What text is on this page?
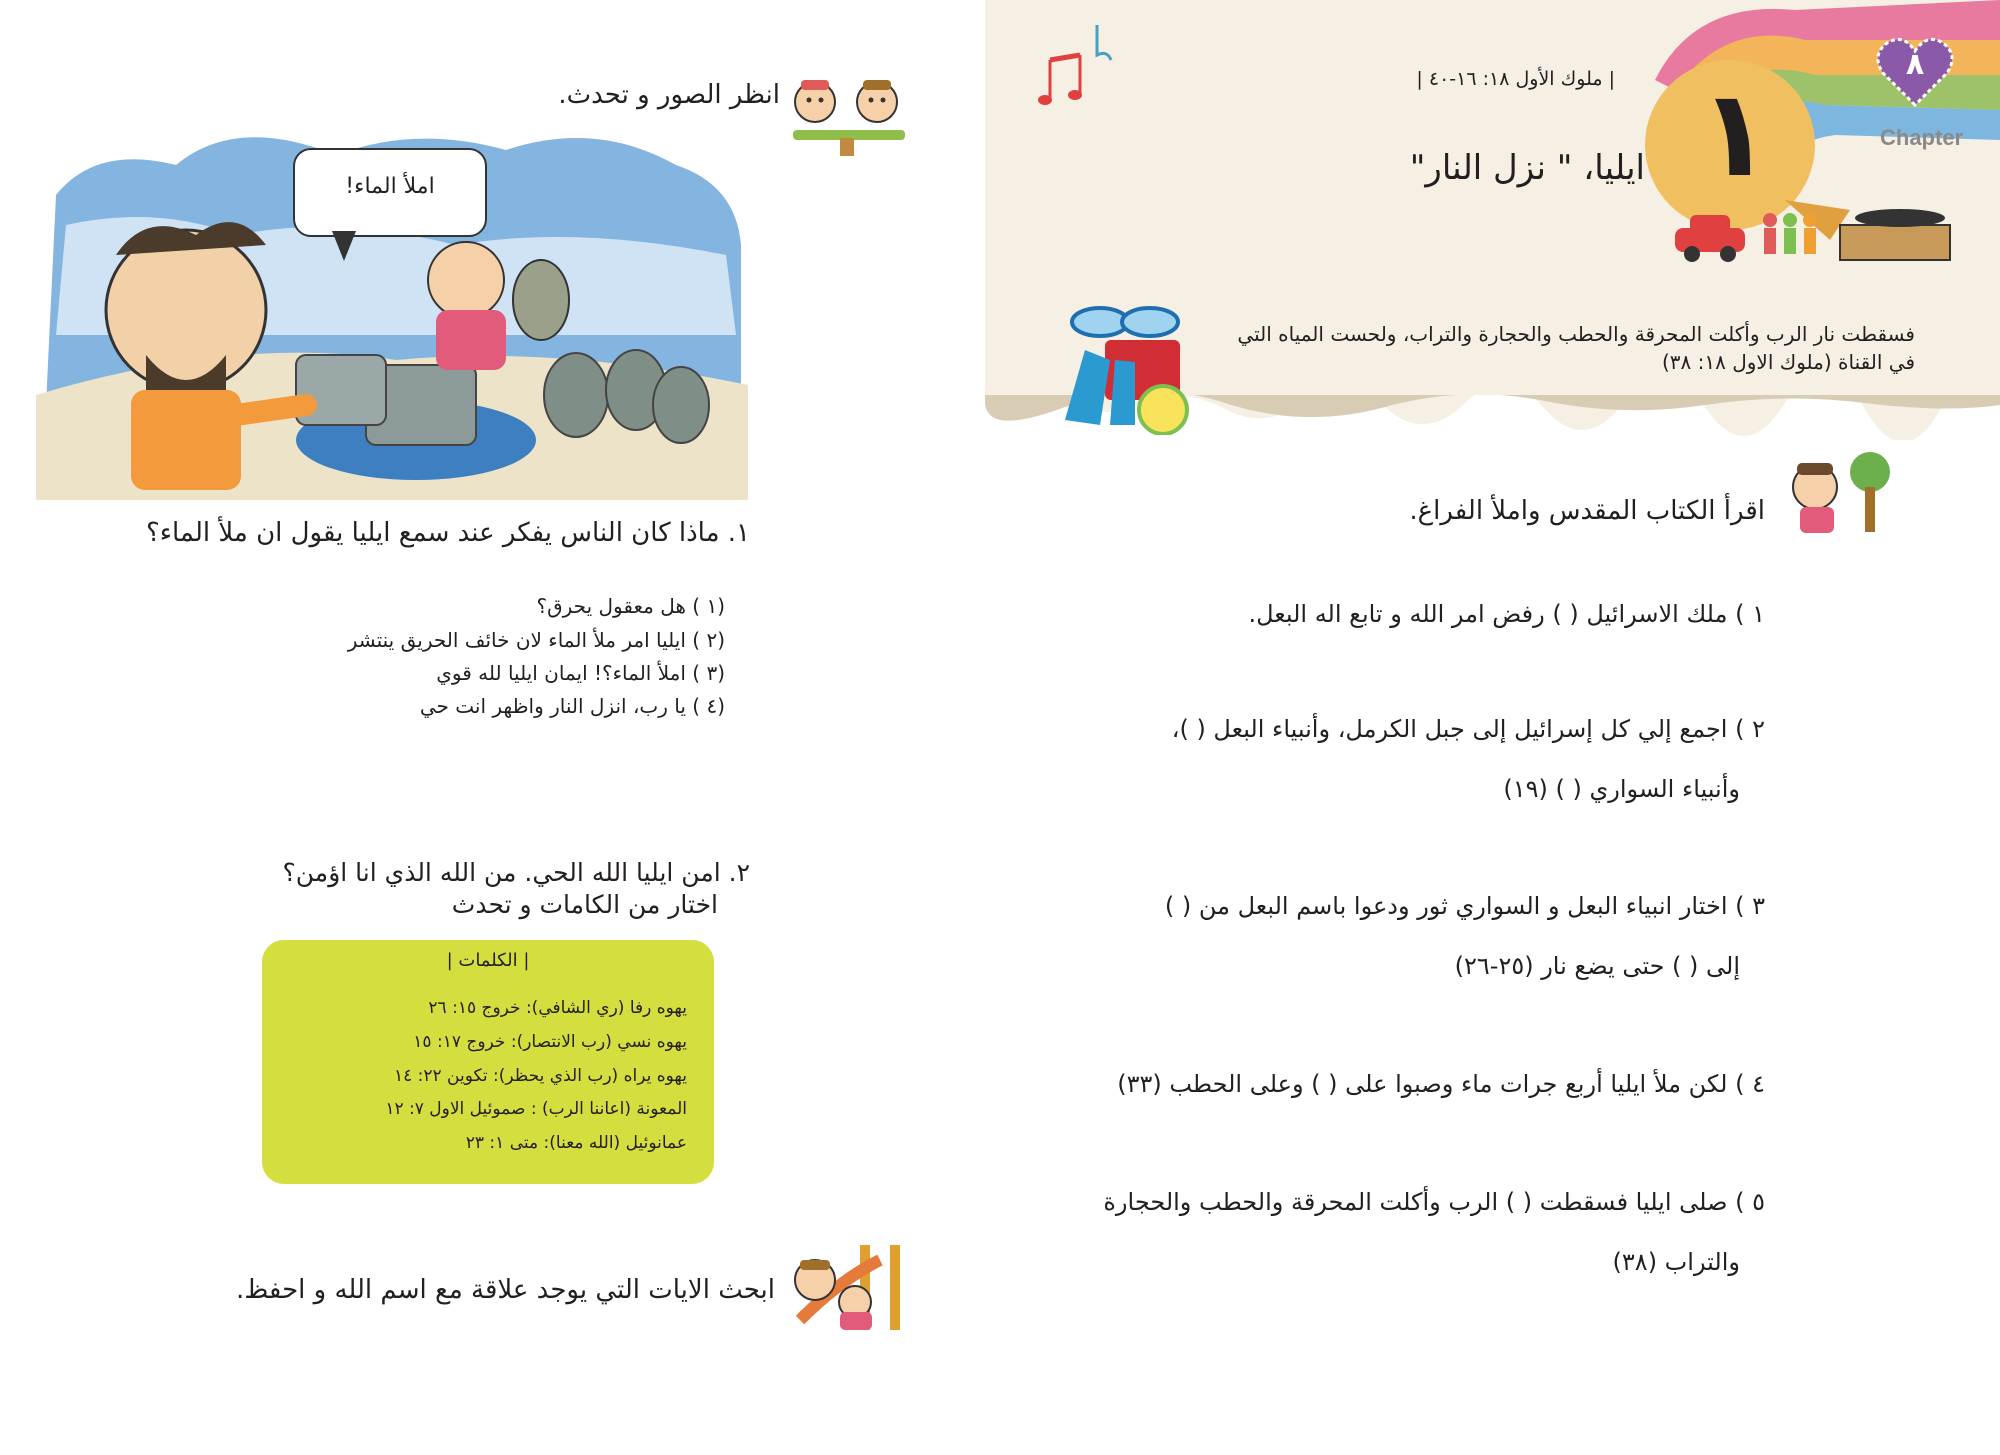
انظر الصور و تحدث.
املأ الماء!
١. ماذا كان الناس يفكر عند سمع ايليا يقول ان ملأ الماء؟
(١ ) هل معقول يحرق؟
(٢ ) ايليا امر ملأ الماء لان خائف الحريق ينتشر
(٣ ) املأ الماء؟! ايمان ايليا لله قوي
(٤ ) يا رب، انزل النار واظهر انت حي
٢. امن ايليا الله الحي. من الله الذي انا اؤمن؟
اختار من الكامات و تحدث
| الكلمات |
يهوه رفا (ري الشافي): خروج ١٥: ٢٦
يهوه نسي (رب الانتصار): خروج ١٧: ١٥
يهوه يراه (رب الذي يحظر): تكوين ٢٢: ١٤
المعونة (اعاننا الرب) : صموئيل الاول ٧: ١٢
عمانوئيل (الله معنا): متى ١: ٢٣
ابحث الايات التي يوجد علاقة مع اسم الله و احفظ.
١	Chapter
٨
| ملوك الأول ١٨: ١٦-٤٠ |
ايليا، " نزل النار"
فسقطت نار الرب وأكلت المحرقة والحطب والحجارة والتراب، ولحست المياه التي
في القناة (ملوك الاول ١٨: ٣٨)
اقرأ الكتاب المقدس واملأ الفراغ.
١ ) ملك الاسرائيل ( ) رفض امر الله و تابع اله البعل.
٢ ) اجمع إلي كل إسرائيل إلى جبل الكرمل، وأنبياء البعل ( )،
وأنبياء السواري ( ) (١٩)
٣ ) اختار انبياء البعل و السواري ثور ودعوا باسم البعل من ( )
إلى ( ) حتى يضع نار (٢٥-٢٦)
٤ ) لكن ملأ ايليا أربع جرات ماء وصبوا على ( ) وعلى الحطب (٣٣)
٥ ) صلى ايليا فسقطت ( ) الرب وأكلت المحرقة والحطب والحجارة
والتراب (٣٨)
